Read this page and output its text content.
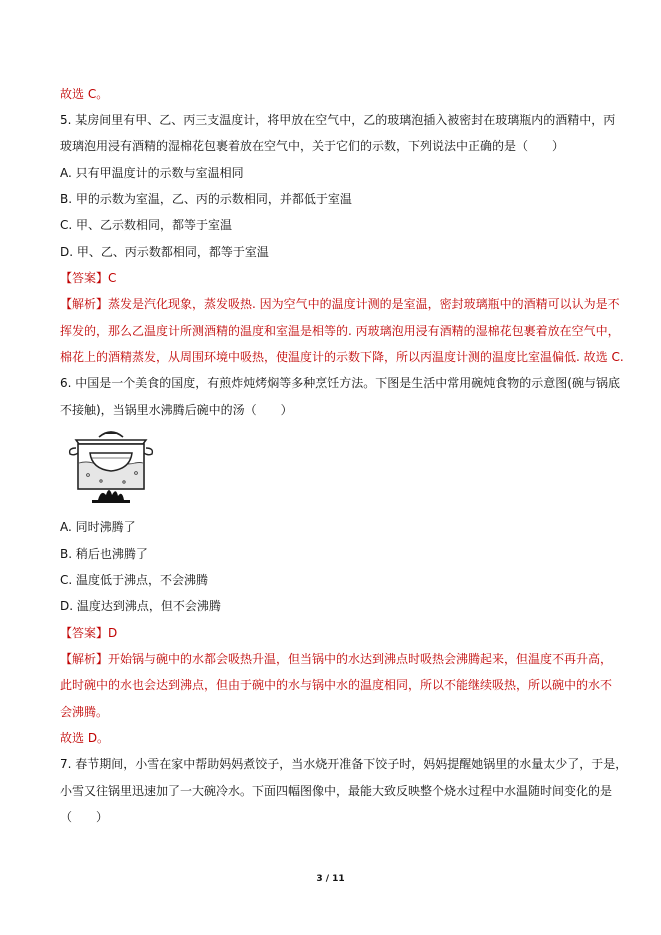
故选 C。
5. 某房间里有甲、乙、丙三支温度计，将甲放在空气中，乙的玻璃泡插入被密封在玻璃瓶内的酒精中，丙
玻璃泡用浸有酒精的湿棉花包裹着放在空气中，关于它们的示数，下列说法中正确的是（　　）
A. 只有甲温度计的示数与室温相同
B. 甲的示数为室温，乙、丙的示数相同，并都低于室温
C. 甲、乙示数相同，都等于室温
D. 甲、乙、丙示数都相同，都等于室温
【答案】C
【解析】蒸发是汽化现象，蒸发吸热. 因为空气中的温度计测的是室温，密封玻璃瓶中的酒精可以认为是不
挥发的，那么乙温度计所测酒精的温度和室温是相等的. 丙玻璃泡用浸有酒精的湿棉花包裹着放在空气中，
棉花上的酒精蒸发，从周围环境中吸热，使温度计的示数下降，所以丙温度计测的温度比室温偏低. 故选 C.
6. 中国是一个美食的国度，有煎炸炖烤焖等多种烹饪方法。下图是生活中常用碗炖食物的示意图(碗与锅底
不接触)，当锅里水沸腾后碗中的汤（　　）
A. 同时沸腾了
B. 稍后也沸腾了
C. 温度低于沸点，不会沸腾
D. 温度达到沸点，但不会沸腾
【答案】D
【解析】开始锅与碗中的水都会吸热升温，但当锅中的水达到沸点时吸热会沸腾起来，但温度不再升高，
此时碗中的水也会达到沸点，但由于碗中的水与锅中水的温度相同，所以不能继续吸热，所以碗中的水不
会沸腾。
故选 D。
7. 春节期间，小雪在家中帮助妈妈煮饺子，当水烧开准备下饺子时，妈妈提醒她锅里的水量太少了，于是，
小雪又往锅里迅速加了一大碗冷水。下面四幅图像中，最能大致反映整个烧水过程中水温随时间变化的是
（　　）
3 / 11
